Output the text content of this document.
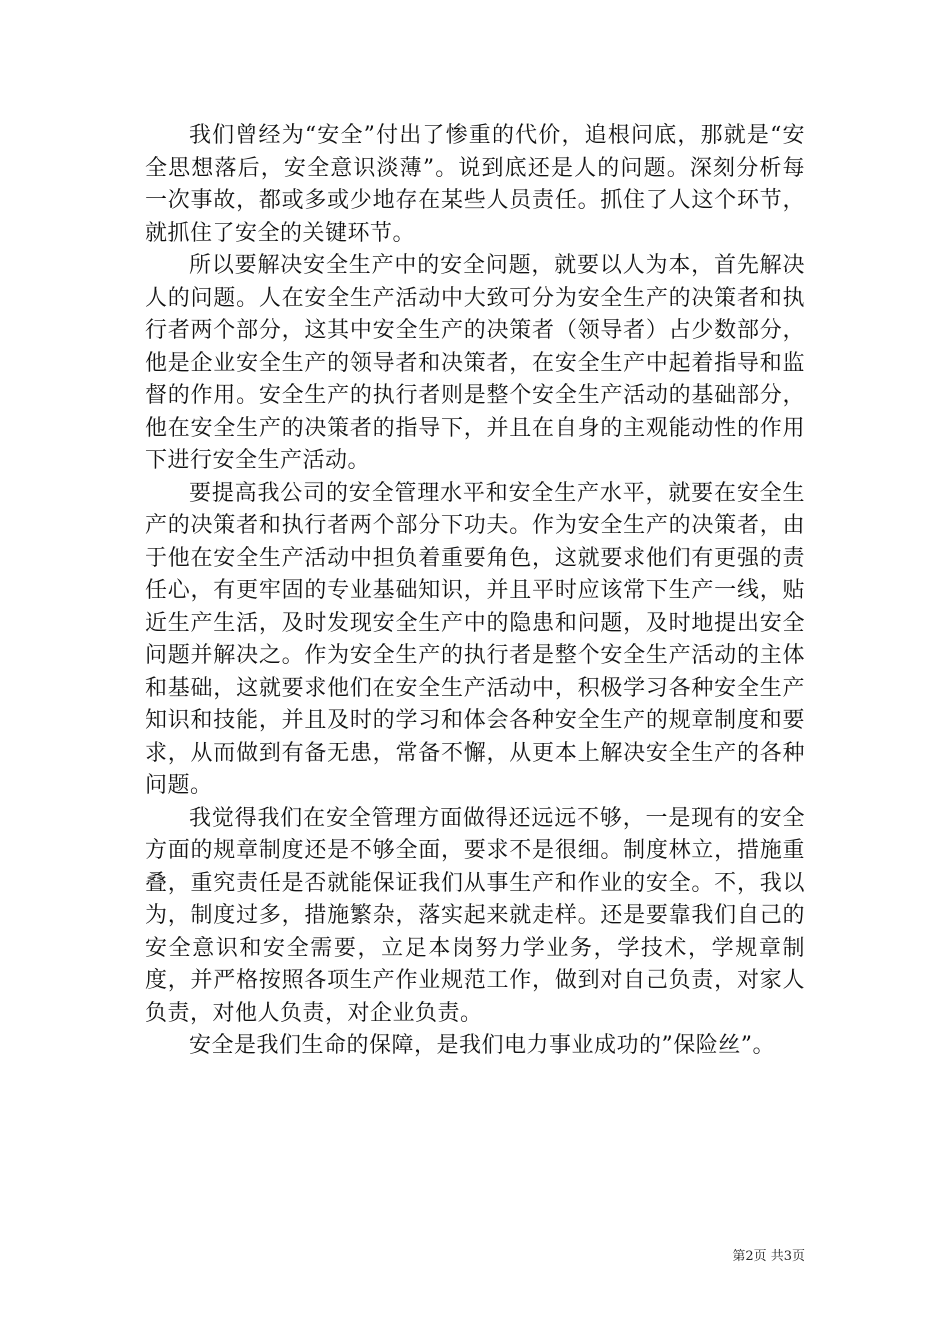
我们曾经为“安全”付出了惨重的代价，追根问底，那就是“安全思想落后，安全意识淡薄”。说到底还是人的问题。深刻分析每一次事故，都或多或少地存在某些人员责任。抓住了人这个环节，就抓住了安全的关键环节。

所以要解决安全生产中的安全问题，就要以人为本，首先解决人的问题。人在安全生产活动中大致可分为安全生产的决策者和执行者两个部分，这其中安全生产的决策者（领导者）占少数部分，他是企业安全生产的领导者和决策者，在安全生产中起着指导和监督的作用。安全生产的执行者则是整个安全生产活动的基础部分，他在安全生产的决策者的指导下，并且在自身的主观能动性的作用下进行安全生产活动。

要提高我公司的安全管理水平和安全生产水平，就要在安全生产的决策者和执行者两个部分下功夫。作为安全生产的决策者，由于他在安全生产活动中担负着重要角色，这就要求他们有更强的责任心，有更牢固的专业基础知识，并且平时应该常下生产一线，贴近生产生活，及时发现安全生产中的隐患和问题，及时地提出安全问题并解决之。作为安全生产的执行者是整个安全生产活动的主体和基础，这就要求他们在安全生产活动中，积极学习各种安全生产知识和技能，并且及时的学习和体会各种安全生产的规章制度和要求，从而做到有备无患，常备不懈，从更本上解决安全生产的各种问题。

我觉得我们在安全管理方面做得还远远不够，一是现有的安全方面的规章制度还是不够全面，要求不是很细。制度林立，措施重叠，重究责任是否就能保证我们从事生产和作业的安全。不，我以为，制度过多，措施繁杂，落实起来就走样。还是要靠我们自己的安全意识和安全需要，立足本岗努力学业务，学技术，学规章制度，并严格按照各项生产作业规范工作，做到对自己负责，对家人负责，对他人负责，对企业负责。

安全是我们生命的保障，是我们电力事业成功的”保险丝”。

第2页 共3页
